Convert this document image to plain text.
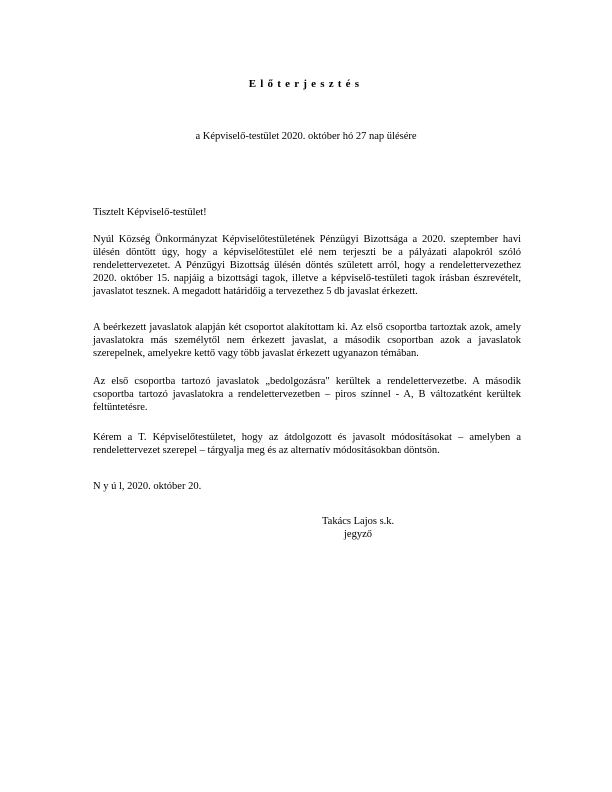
Előterjesztés
a Képviselő-testület 2020. október hó 27 nap ülésére
Tisztelt Képviselő-testület!
Nyúl Község Önkormányzat Képviselőtestületének Pénzügyi Bizottsága a 2020. szeptember havi ülésén döntött úgy, hogy a képviselőtestület elé nem terjeszti be a pályázati alapokról szóló rendelettervezetet. A Pénzügyi Bizottság ülésén döntés született arról, hogy a rendelettervezethez 2020. október 15. napjáig a bizottsági tagok, illetve a képviselő-testületi tagok írásban észrevételt, javaslatot tesznek. A megadott határidőig a tervezethez 5 db javaslat érkezett.
A beérkezett javaslatok alapján két csoportot alakítottam ki. Az első csoportba tartoztak azok, amely javaslatokra más személytől nem érkezett javaslat, a második csoportban azok a javaslatok szerepelnek, amelyekre kettő vagy több javaslat érkezett ugyanazon témában.
Az első csoportba tartozó javaslatok „bedolgozásra" kerültek a rendelettervezetbe. A második csoportba tartozó javaslatokra a rendelettervezetben – piros színnel - A, B változatként kerültek feltüntetésre.
Kérem a T. Képviselőtestületet, hogy az átdolgozott és javasolt módosításokat – amelyben a rendelettervezet szerepel – tárgyalja meg és az alternatív módosításokban döntsön.
N y ú l, 2020. október 20.
Takács Lajos s.k.
jegyző
